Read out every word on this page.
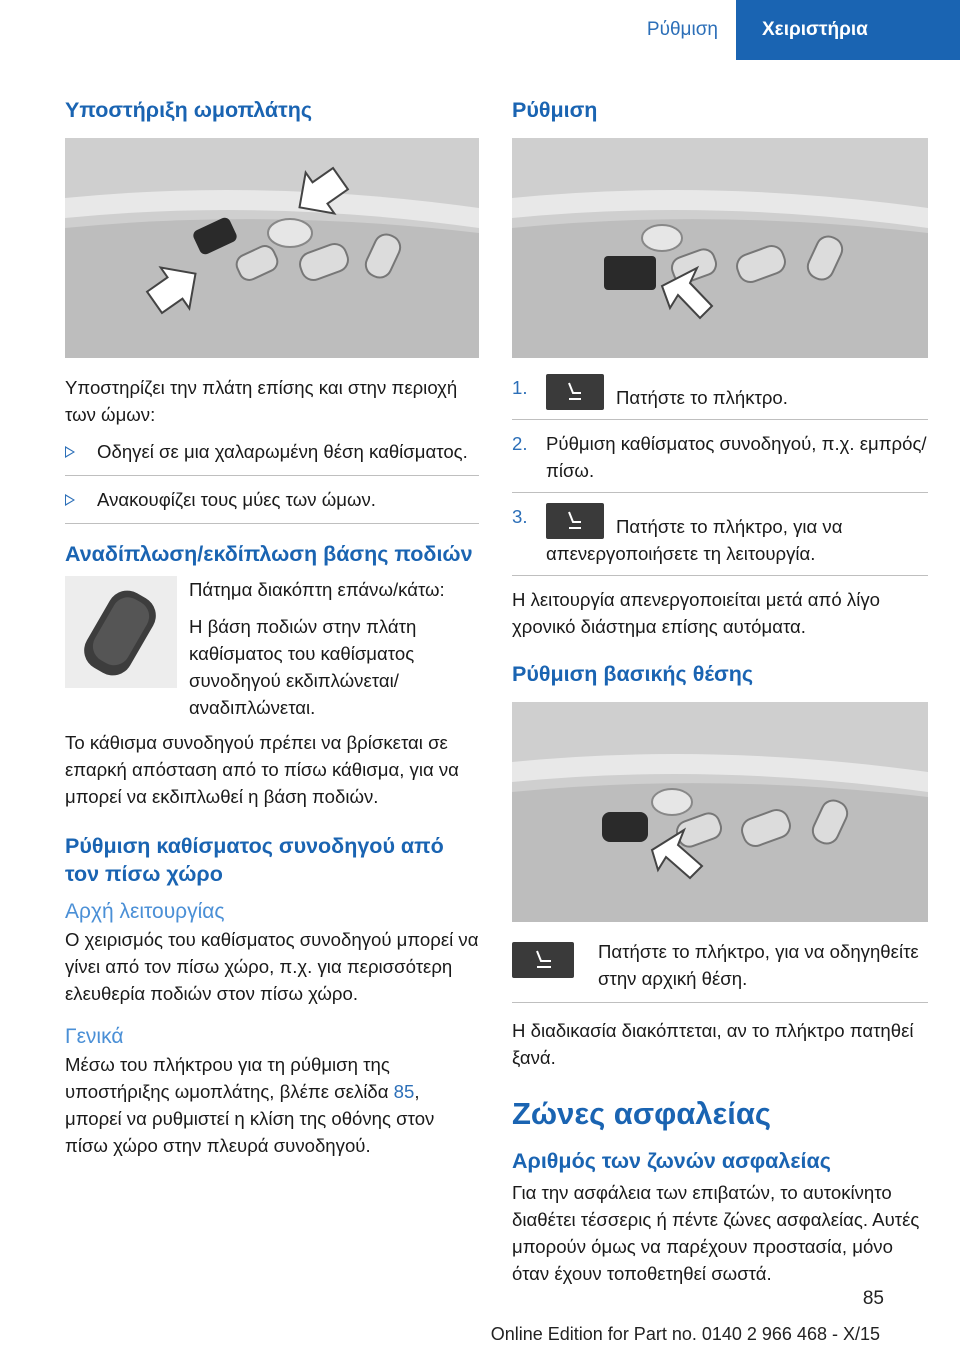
Ρύθμιση	Χειριστήρια
Υποστήριξη ωμοπλάτης
Υποστηρίζει την πλάτη επίσης και στην περιοχή των ώμων:
Οδηγεί σε μια χαλαρωμένη θέση καθίσματος.
Ανακουφίζει τους μύες των ώμων.
Αναδίπλωση/εκδίπλωση βάσης ποδιών
Πάτημα διακόπτη επάνω/κάτω:
Η βάση ποδιών στην πλάτη καθίσματος του καθίσματος συνοδηγού εκδιπλώνεται/αναδιπλώνεται.
Το κάθισμα συνοδηγού πρέπει να βρίσκεται σε επαρκή απόσταση από το πίσω κάθισμα, για να μπορεί να εκδιπλωθεί η βάση ποδιών.
Ρύθμιση καθίσματος συνοδηγού από τον πίσω χώρο
Αρχή λειτουργίας
Ο χειρισμός του καθίσματος συνοδηγού μπορεί να γίνει από τον πίσω χώρο, π.χ. για περισσότερη ελευθερία ποδιών στον πίσω χώρο.
Γενικά
Μέσω του πλήκτρου για τη ρύθμιση της υποστήριξης ωμοπλάτης, βλέπε σελίδα 85, μπορεί να ρυθμιστεί η κλίση της οθόνης στον πίσω χώρο στην πλευρά συνοδηγού.
Ρύθμιση
1.	Πατήστε το πλήκτρο.
2. Ρύθμιση καθίσματος συνοδηγού, π.χ. εμπρός/πίσω.
3.	Πατήστε το πλήκτρο, για να απενεργοποιήσετε τη λειτουργία.
Η λειτουργία απενεργοποιείται μετά από λίγο χρονικό διάστημα επίσης αυτόματα.
Ρύθμιση βασικής θέσης
Πατήστε το πλήκτρο, για να οδηγηθείτε στην αρχική θέση.
Η διαδικασία διακόπτεται, αν το πλήκτρο πατηθεί ξανά.
Ζώνες ασφαλείας
Αριθμός των ζωνών ασφαλείας
Για την ασφάλεια των επιβατών, το αυτοκίνητο διαθέτει τέσσερις ή πέντε ζώνες ασφαλείας. Αυτές μπορούν όμως να παρέχουν προστασία, μόνο όταν έχουν τοποθετηθεί σωστά.
85
Online Edition for Part no. 0140 2 966 468 - X/15
